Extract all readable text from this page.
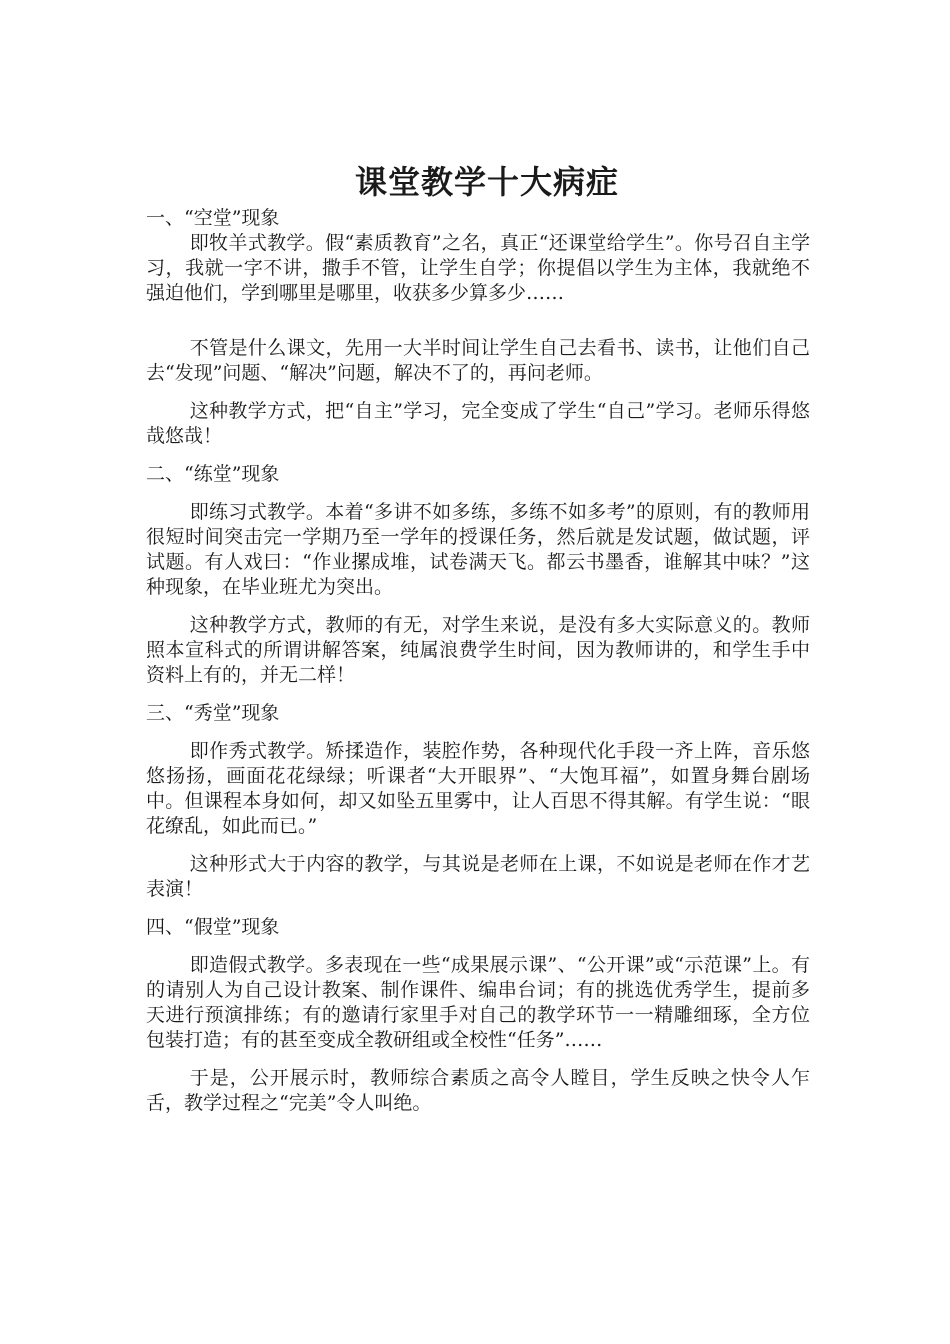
课堂教学十大病症

一、“空堂”现象

即牧羊式教学。假“素质教育”之名，真正“还课堂给学生”。你号召自主学习，我就一字不讲，撒手不管，让学生自学；你提倡以学生为主体，我就绝不强迫他们，学到哪里是哪里，收获多少算多少……

不管是什么课文，先用一大半时间让学生自己去看书、读书，让他们自己去“发现”问题、“解决”问题，解决不了的，再问老师。

这种教学方式，把“自主”学习，完全变成了学生“自己”学习。老师乐得悠哉悠哉！

二、“练堂”现象

即练习式教学。本着“多讲不如多练，多练不如多考”的原则，有的教师用很短时间突击完一学期乃至一学年的授课任务，然后就是发试题，做试题，评试题。有人戏曰：“作业摞成堆，试卷满天飞。都云书墨香，谁解其中味？”这种现象，在毕业班尤为突出。

这种教学方式，教师的有无，对学生来说，是没有多大实际意义的。教师照本宣科式的所谓讲解答案，纯属浪费学生时间，因为教师讲的，和学生手中资料上有的，并无二样！

三、“秀堂”现象

即作秀式教学。矫揉造作，装腔作势，各种现代化手段一齐上阵，音乐悠悠扬扬，画面花花绿绿；听课者“大开眼界”、“大饱耳福”，如置身舞台剧场中。但课程本身如何，却又如坠五里雾中，让人百思不得其解。有学生说：“眼花缭乱，如此而已。”

这种形式大于内容的教学，与其说是老师在上课，不如说是老师在作才艺表演！

四、“假堂”现象

即造假式教学。多表现在一些“成果展示课”、“公开课”或“示范课”上。有的请别人为自己设计教案、制作课件、编串台词；有的挑选优秀学生，提前多天进行预演排练；有的邀请行家里手对自己的教学环节一一精雕细琢，全方位包装打造；有的甚至变成全教研组或全校性“任务”……

于是，公开展示时，教师综合素质之高令人瞠目，学生反映之快令人乍舌，教学过程之“完美”令人叫绝。
